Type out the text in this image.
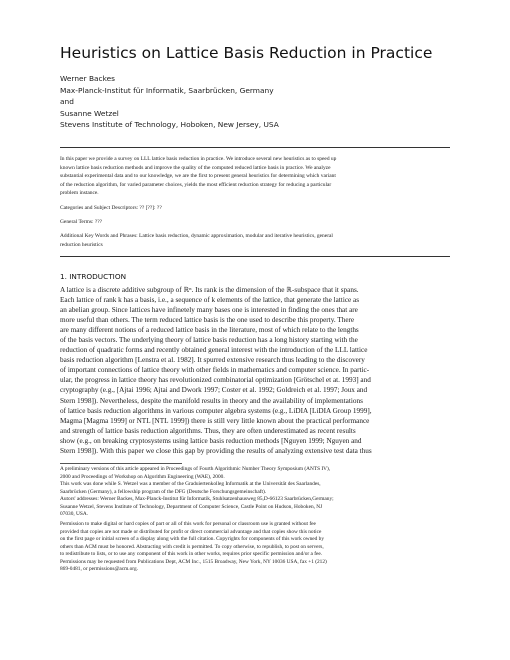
Heuristics on Lattice Basis Reduction in Practice
Werner Backes
Max-Planck-Institut für Informatik, Saarbrücken, Germany
and
Susanne Wetzel
Stevens Institute of Technology, Hoboken, New Jersey, USA
In this paper we provide a survey on LLL lattice basis reduction in practice. We introduce several new heuristics as to speed up
known lattice basis reduction methods and improve the quality of the computed reduced lattice basis in practice. We analyze
substantial experimental data and to our knowledge, we are the first to present general heuristics for determining which variant
of the reduction algorithm, for varied parameter choices, yields the most efficient reduction strategy for reducing a particular
problem instance.
Categories and Subject Descriptors: ?? [??]: ??
General Terms: ???
Additional Key Words and Phrases: Lattice basis reduction, dynamic approximation, modular and iterative heuristics, general
reduction heuristics
1. INTRODUCTION
A lattice is a discrete additive subgroup of ℝⁿ. Its rank is the dimension of the ℝ-subspace that it spans.
Each lattice of rank k has a basis, i.e., a sequence of k elements of the lattice, that generate the lattice as
an abelian group. Since lattices have infinetely many bases one is interested in finding the ones that are
more useful than others. The term reduced lattice basis is the one used to describe this property. There
are many different notions of a reduced lattice basis in the literature, most of which relate to the lengths
of the basis vectors. The underlying theory of lattice basis reduction has a long history starting with the
reduction of quadratic forms and recently obtained general interest with the introduction of the LLL lattice
basis reduction algorithm [Lenstra et al. 1982]. It spurred extensive research thus leading to the discovery
of important connections of lattice theory with other fields in mathematics and computer science. In partic-
ular, the progress in lattice theory has revolutionized combinatorial optimization [Grötschel et at. 1993] and
cryptography (e.g., [Ajtai 1996; Ajtai and Dwork 1997; Coster et al. 1992; Goldreich et al. 1997; Joux and
Stern 1998]). Nevertheless, despite the manifold results in theory and the availability of implementations
of lattice basis reduction algorithms in various computer algebra systems (e.g., LiDIA [LiDIA Group 1999],
Magma [Magma 1999] or NTL [NTL 1999]) there is still very little known about the practical performance
and strength of lattice basis reduction algorithms. Thus, they are often underestimated as recent results
show (e.g., on breaking cryptosystems using lattice basis reduction methods [Nguyen 1999; Nguyen and
Stern 1998]). With this paper we close this gap by providing the results of analyzing extensive test data thus
A preliminary versions of this article appeared in Proceedings of Fourth Algorithmic Number Theory Symposium (ANTS IV),
2000 and Proceedings of Workshop on Algorithm Engineering (WAE), 2000.
This work was done while S. Wetzel was a member of the Graduiertenkolleg Informatik at the Universität des Saarlandes,
Saarbrücken (Germany), a fellowship program of the DFG (Deutsche Forschungsgemeinschaft).
Autors' addresses: Werner Backes, Max-Planck-Institut für Informatik, Stuhlsatzenhausweg 85,D-66123 Saarbrücken,Germany;
Susanne Wetzel, Stevens Institute of Technology, Department of Computer Science, Castle Point on Hudson, Hoboken, NJ
07030, USA.
Permission to make digital or hard copies of part or all of this work for personal or classroom use is granted without fee
provided that copies are not made or distributed for profit or direct commercial advantage and that copies show this notice
on the first page or initial screen of a display along with the full citation. Copyrights for components of this work owned by
others than ACM must be honored. Abstracting with credit is permitted. To copy otherwise, to republish, to post on servers,
to redistribute to lists, or to use any component of this work in other works, requires prior specific permission and/or a fee.
Permissions may be requested from Publications Dept, ACM Inc., 1515 Broadway, New York, NY 10036 USA, fax +1 (212)
869-0481, or permissions@acm.org.
